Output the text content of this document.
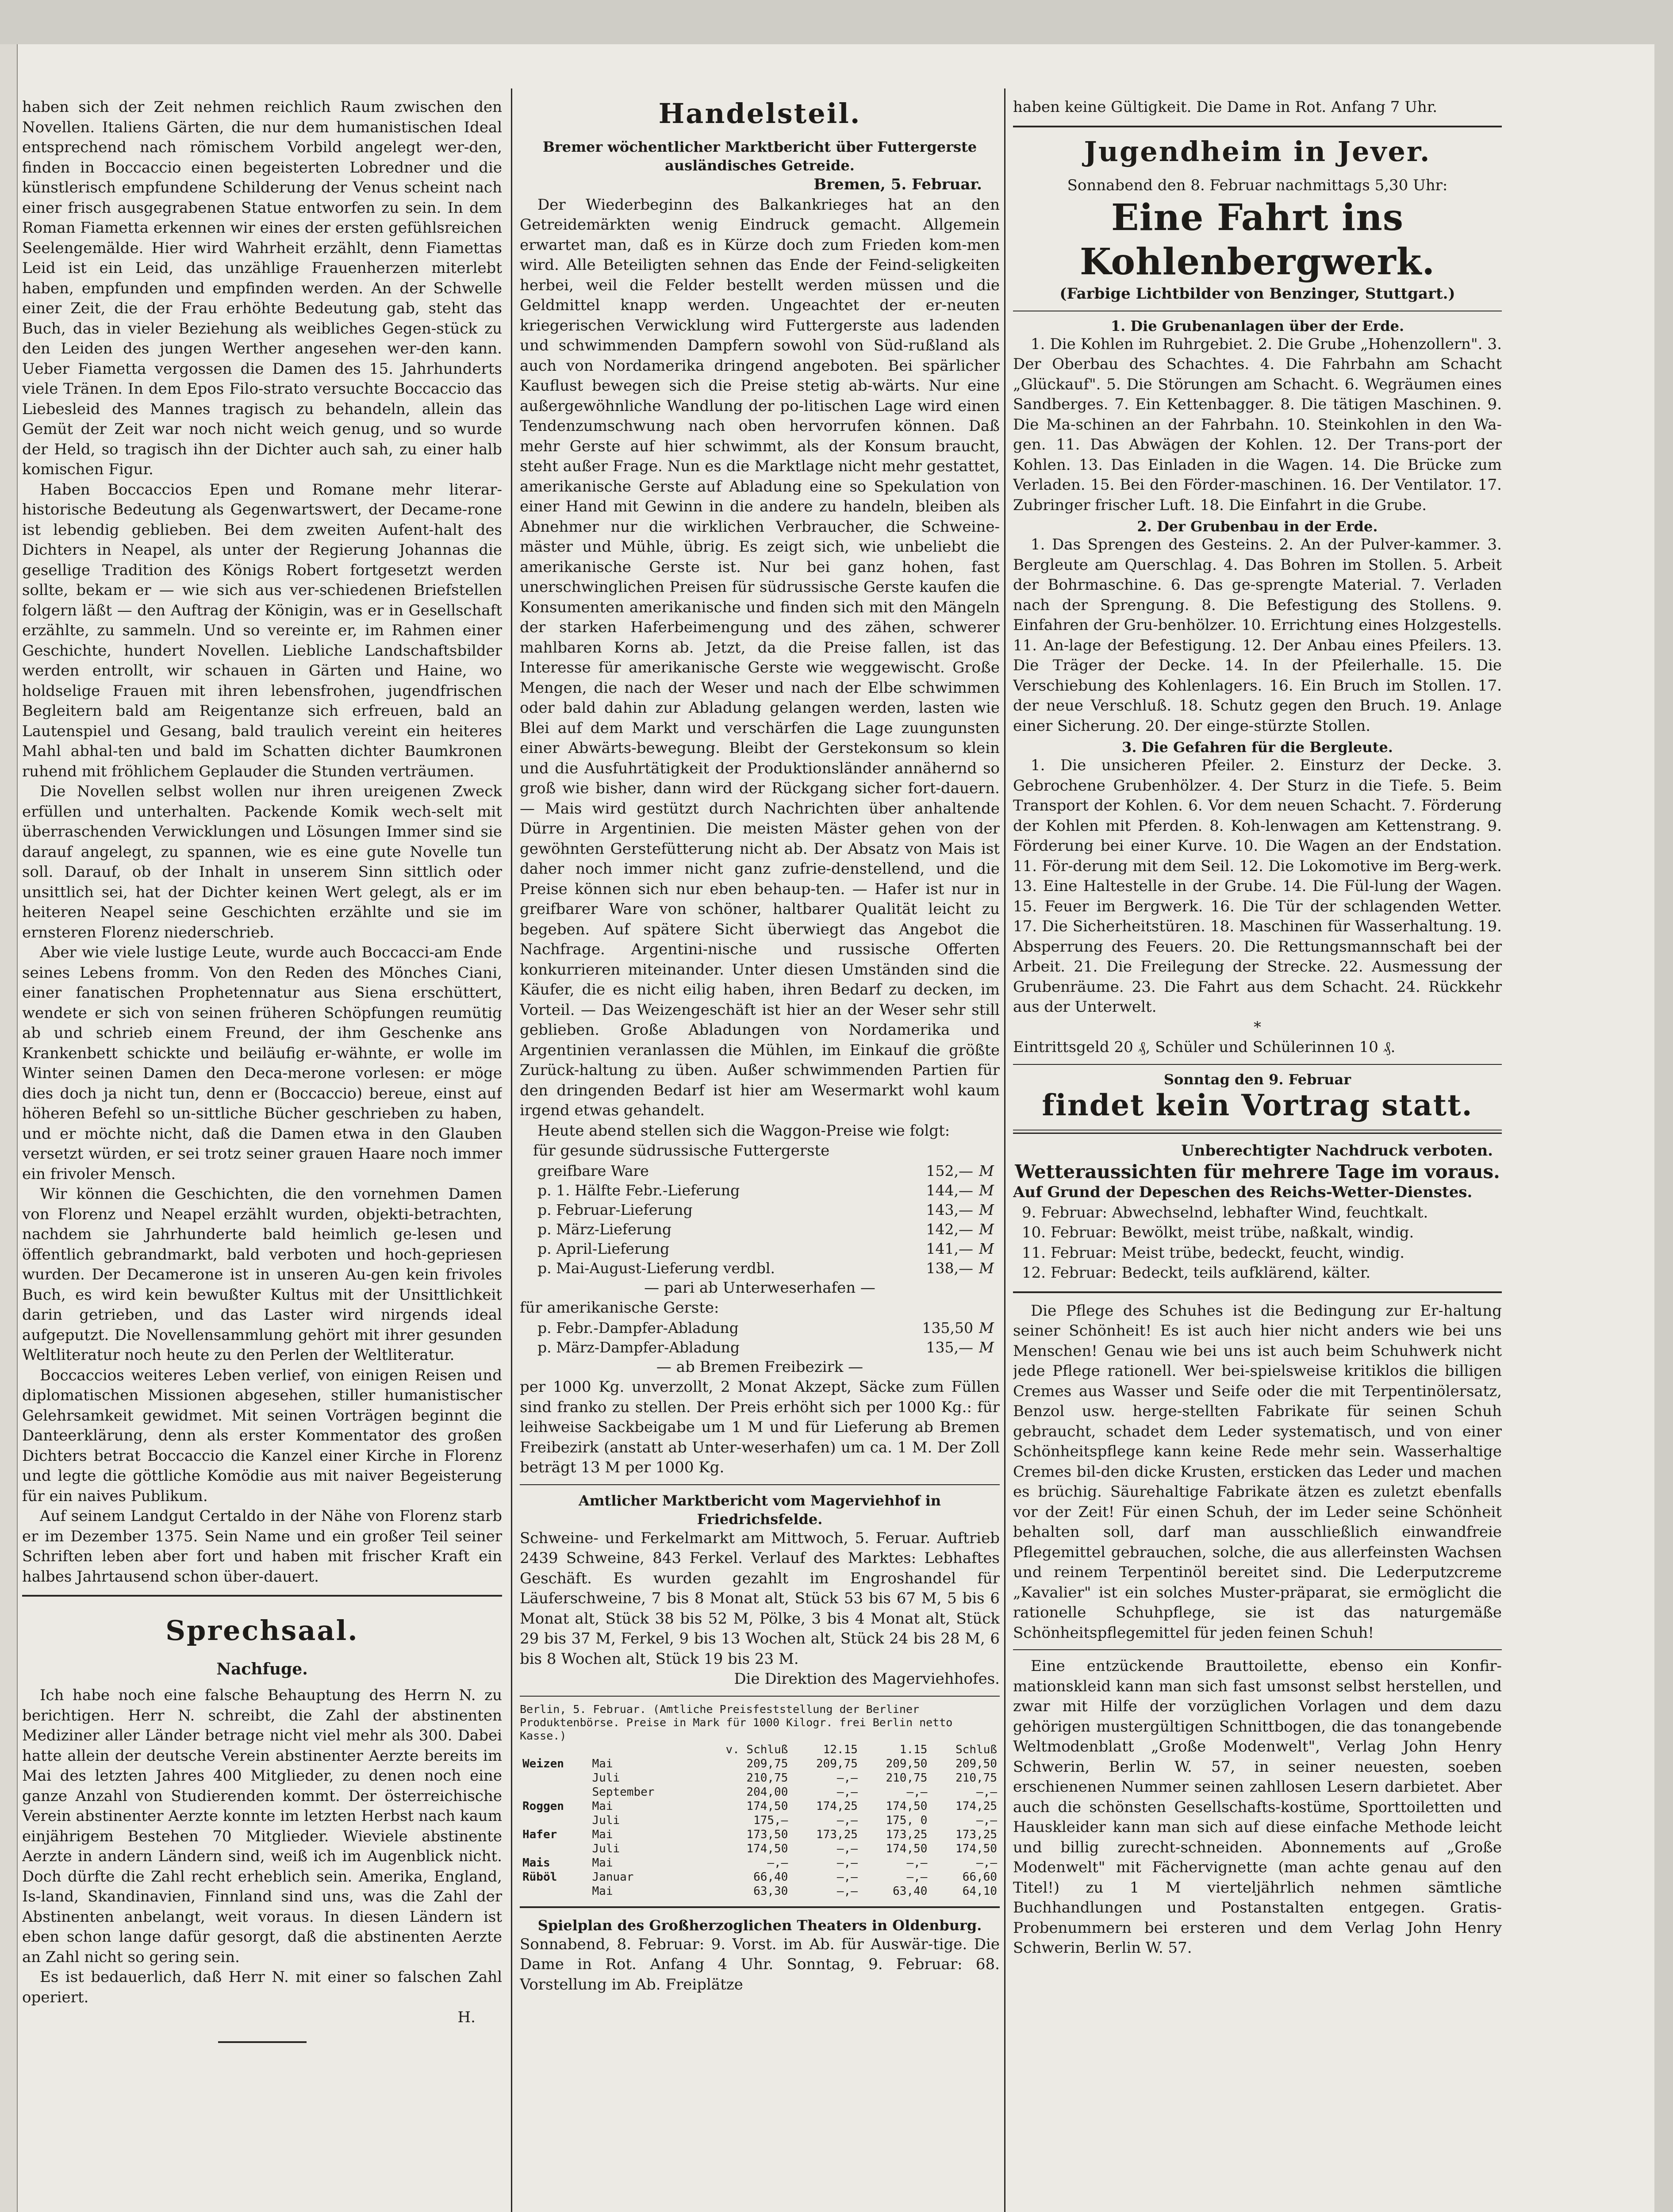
haben sich der Zeit nehmen reichlich Raum zwischen den Novellen. Italiens Gärten, die nur dem humanistischen Ideal entsprechend nach römischem Vorbild angelegt wer-den, finden in Boccaccio einen begeisterten Lobredner und die künstlerisch empfundene Schilderung der Venus scheint nach einer frisch ausgegrabenen Statue entworfen zu sein. In dem Roman Fiametta erkennen wir eines der ersten gefühlsreichen Seelengemälde. Hier wird Wahrheit erzählt, denn Fiamettas Leid ist ein Leid, das unzählige Frauenherzen miterlebt haben, empfunden und empfinden werden. An der Schwelle einer Zeit, die der Frau erhöhte Bedeutung gab, steht das Buch, das in vieler Beziehung als weibliches Gegen-stück zu den Leiden des jungen Werther angesehen wer-den kann. Ueber Fiametta vergossen die Damen des 15. Jahrhunderts viele Tränen. In dem Epos Filo-strato versuchte Boccaccio das Liebesleid des Mannes tragisch zu behandeln, allein das Gemüt der Zeit war noch nicht weich genug, und so wurde der Held, so tragisch ihn der Dichter auch sah, zu einer halb komischen Figur.

Haben Boccaccios Epen und Romane mehr literar-historische Bedeutung als Gegenwartswert, der Decame-rone ist lebendig geblieben. Bei dem zweiten Aufent-halt des Dichters in Neapel, als unter der Regierung Johannas die gesellige Tradition des Königs Robert fortgesetzt werden sollte, bekam er — wie sich aus ver-schiedenen Briefstellen folgern läßt — den Auftrag der Königin, was er in Gesellschaft erzählte, zu sammeln. Und so vereinte er, im Rahmen einer Geschichte, hundert Novellen. Liebliche Landschaftsbilder werden entrollt, wir schauen in Gärten und Haine, wo holdselige Frauen mit ihren lebensfrohen, jugendfrischen Begleitern bald am Reigentanze sich erfreuen, bald an Lautenspiel und Gesang, bald traulich vereint ein heiteres Mahl abhal-ten und bald im Schatten dichter Baumkronen ruhend mit fröhlichem Geplauder die Stunden verträumen.

Die Novellen selbst wollen nur ihren ureigenen Zweck erfüllen und unterhalten. Packende Komik wech-selt mit überraschenden Verwicklungen und Lösungen Immer sind sie darauf angelegt, zu spannen, wie es eine gute Novelle tun soll. Darauf, ob der Inhalt in unserem Sinn sittlich oder unsittlich sei, hat der Dichter keinen Wert gelegt, als er im heiteren Neapel seine Geschichten erzählte und sie im ernsteren Florenz niederschrieb.

Aber wie viele lustige Leute, wurde auch Boccacci-am Ende seines Lebens fromm. Von den Reden des Mönches Ciani, einer fanatischen Prophetennatur aus Siena erschüttert, wendete er sich von seinen früheren Schöpfungen reumütig ab und schrieb einem Freund, der ihm Geschenke ans Krankenbett schickte und beiläufig er-wähnte, er wolle im Winter seinen Damen den Deca-merone vorlesen: er möge dies doch ja nicht tun, denn er (Boccaccio) bereue, einst auf höheren Befehl so un-sittliche Bücher geschrieben zu haben, und er möchte nicht, daß die Damen etwa in den Glauben versetzt würden, er sei trotz seiner grauen Haare noch immer ein frivoler Mensch.

Wir können die Geschichten, die den vornehmen Damen von Florenz und Neapel erzählt wurden, objekti-betrachten, nachdem sie Jahrhunderte bald heimlich ge-lesen und öffentlich gebrandmarkt, bald verboten und hoch-gepriesen wurden. Der Decamerone ist in unseren Au-gen kein frivoles Buch, es wird kein bewußter Kultus mit der Unsittlichkeit darin getrieben, und das Laster wird nirgends ideal aufgeputzt. Die Novellensammlung gehört mit ihrer gesunden Weltliteratur noch heute zu den Perlen der Weltliteratur.

Boccaccios weiteres Leben verlief, von einigen Reisen und diplomatischen Missionen abgesehen, stiller humanistischer Gelehrsamkeit gewidmet. Mit seinen Vorträgen beginnt die Danteerklärung, denn als erster Kommentator des großen Dichters betrat Boccaccio die Kanzel einer Kirche in Florenz und legte die göttliche Komödie aus mit naiver Begeisterung für ein naives Publikum.

Auf seinem Landgut Certaldo in der Nähe von Florenz starb er im Dezember 1375. Sein Name und ein großer Teil seiner Schriften leben aber fort und haben mit frischer Kraft ein halbes Jahrtausend schon über-dauert.

Sprechsaal.
Nachfuge.

Ich habe noch eine falsche Behauptung des Herrn N. zu berichtigen. Herr N. schreibt, die Zahl der abstinenten Mediziner aller Länder betrage nicht viel mehr als 300. Dabei hatte allein der deutsche Verein abstinenter Aerzte bereits im Mai des letzten Jahres 400 Mitglieder, zu denen noch eine ganze Anzahl von Studierenden kommt. Der österreichische Verein abstinenter Aerzte konnte im letzten Herbst nach kaum einjährigem Bestehen 70 Mitglieder. Wieviele abstinente Aerzte in andern Ländern sind, weiß ich im Augenblick nicht. Doch dürfte die Zahl recht erheblich sein. Amerika, England, Is-land, Skandinavien, Finnland sind uns, was die Zahl der Abstinenten anbelangt, weit voraus. In diesen Ländern ist eben schon lange dafür gesorgt, daß die abstinenten Aerzte an Zahl nicht so gering sein.

Es ist bedauerlich, daß Herr N. mit einer so falschen Zahl operiert.

H.

Handelsteil.
Bremer wöchentlicher Marktbericht über Futtergerste ausländisches Getreide.

Bremen, 5. Februar.

Der Wiederbeginn des Balkankrieges hat an den Getreidemärkten wenig Eindruck gemacht. Allgemein erwartet man, daß es in Kürze doch zum Frieden kom-men wird. Alle Beteiligten sehnen das Ende der Feind-seligkeiten herbei, weil die Felder bestellt werden müssen und die Geldmittel knapp werden. Ungeachtet der er-neuten kriegerischen Verwicklung wird Futtergerste aus ladenden und schwimmenden Dampfern sowohl von Süd-rußland als auch von Nordamerika dringend angeboten. Bei spärlicher Kauflust bewegen sich die Preise stetig ab-wärts. Nur eine außergewöhnliche Wandlung der po-litischen Lage wird einen Tendenzumschwung nach oben hervorrufen können. Daß mehr Gerste auf hier schwimmt, als der Konsum braucht, steht außer Frage. Nun es die Marktlage nicht mehr gestattet, amerikanische Gerste auf Abladung eine so Spekulation von einer Hand mit Gewinn in die andere zu handeln, bleiben als Abnehmer nur die wirklichen Verbraucher, die Schweine-mäster und Mühle, übrig. Es zeigt sich, wie unbeliebt die amerikanische Gerste ist. Nur bei ganz hohen, fast unerschwinglichen Preisen für südrussische Gerste kaufen die Konsumenten amerikanische und finden sich mit den Mängeln der starken Haferbeimengung und des zähen, schwerer mahlbaren Korns ab. Jetzt, da die Preise fallen, ist das Interesse für amerikanische Gerste wie weggewischt. Große Mengen, die nach der Weser und nach der Elbe schwimmen oder bald dahin zur Abladung gelangen werden, lasten wie Blei auf dem Markt und verschärfen die Lage zuungunsten einer Abwärts-bewegung. Bleibt der Gerstekonsum so klein und die Ausfuhrtätigkeit der Produktionsländer annähernd so groß wie bisher, dann wird der Rückgang sicher fort-dauern. — Mais wird gestützt durch Nachrichten über anhaltende Dürre in Argentinien. Die meisten Mäster gehen von der gewöhnten Gerstefütterung nicht ab. Der Absatz von Mais ist daher noch immer nicht ganz zufrie-denstellend, und die Preise können sich nur eben behaup-ten. — Hafer ist nur in greifbarer Ware von schöner, haltbarer Qualität leicht zu begeben. Auf spätere Sicht überwiegt das Angebot die Nachfrage. Argentini-nische und russische Offerten konkurrieren miteinander. Unter diesen Umständen sind die Käufer, die es nicht eilig haben, ihren Bedarf zu decken, im Vorteil. — Das Weizengeschäft ist hier an der Weser sehr still geblieben. Große Abladungen von Nordamerika und Argentinien veranlassen die Mühlen, im Einkauf die größte Zurück-haltung zu üben. Außer schwimmenden Partien für den dringenden Bedarf ist hier am Wesermarkt wohl kaum irgend etwas gehandelt.

Heute abend stellen sich die Waggon-Preise wie folgt:

für gesunde südrussische Futtergerste

greifbare Ware	152,— M
p. 1. Hälfte Febr.-Lieferung	144,— M
p. Februar-Lieferung	143,— M
p. März-Lieferung	142,— M
p. April-Lieferung	141,— M
p. Mai-August-Lieferung verdbl.	138,— M

— pari ab Unterweserhafen —

für amerikanische Gerste:

p. Febr.-Dampfer-Abladung	135,50 M
p. März-Dampfer-Abladung	135,— M

— ab Bremen Freibezirk —

per 1000 Kg. unverzollt, 2 Monat Akzept, Säcke zum Füllen sind franko zu stellen. Der Preis erhöht sich per 1000 Kg.: für leihweise Sackbeigabe um 1 M und für Lieferung ab Bremen Freibezirk (anstatt ab Unter-weserhafen) um ca. 1 M. Der Zoll beträgt 13 M per 1000 Kg.

Amtlicher Marktbericht vom Magerviehhof in Friedrichsfelde.

Schweine- und Ferkelmarkt am Mittwoch, 5. Feruar. Auftrieb 2439 Schweine, 843 Ferkel. Verlauf des Marktes: Lebhaftes Geschäft. Es wurden gezahlt im Engroshandel für Läuferschweine, 7 bis 8 Monat alt, Stück 53 bis 67 M, 5 bis 6 Monat alt, Stück 38 bis 52 M, Pölke, 3 bis 4 Monat alt, Stück 29 bis 37 M, Ferkel, 9 bis 13 Wochen alt, Stück 24 bis 28 M, 6 bis 8 Wochen alt, Stück 19 bis 23 M.

Die Direktion des Magerviehhofes.

Berlin, 5. Februar. (Amtliche Preisfeststellung der Berliner Produktenbörse. Preise in Mark für 1000 Kilogr. frei Berlin netto Kasse.)

		v. Schluß	12.15	1.15	Schluß
Weizen	Mai	209,75	209,75	209,50	209,50
	Juli	210,75	—,—	210,75	210,75
	September	204,00	—,—	—,—	—,—
Roggen	Mai	174,50	174,25	174,50	174,25
	Juli	175,—	—,—	175, 0	—,—
Hafer	Mai	173,50	173,25	173,25	173,25
	Juli	174,50	—,—	174,50	174,50
Mais	Mai	—,—	—,—	—,—	—,—
Rüböl	Januar	66,40	—,—	—,—	66,60
	Mai	63,30	—,—	63,40	64,10
Spielplan des Großherzoglichen Theaters in Oldenburg.

Sonnabend, 8. Februar: 9. Vorst. im Ab. für Auswär-tige. Die Dame in Rot. Anfang 4 Uhr. Sonntag, 9. Februar: 68. Vorstellung im Ab. Freiplätze

haben keine Gültigkeit. Die Dame in Rot. Anfang 7 Uhr.

Jugendheim in Jever.

Sonnabend den 8. Februar nachmittags 5,30 Uhr:

Eine Fahrt ins Kohlenbergwerk.

(Farbige Lichtbilder von Benzinger, Stuttgart.)

1. Die Grubenanlagen über der Erde.

1. Die Kohlen im Ruhrgebiet. 2. Die Grube „Hohenzollern". 3. Der Oberbau des Schachtes. 4. Die Fahrbahn am Schacht „Glückauf". 5. Die Störungen am Schacht. 6. Wegräumen eines Sandberges. 7. Ein Kettenbagger. 8. Die tätigen Maschinen. 9. Die Ma-schinen an der Fahrbahn. 10. Steinkohlen in den Wa-gen. 11. Das Abwägen der Kohlen. 12. Der Trans-port der Kohlen. 13. Das Einladen in die Wagen. 14. Die Brücke zum Verladen. 15. Bei den Förder-maschinen. 16. Der Ventilator. 17. Zubringer frischer Luft. 18. Die Einfahrt in die Grube.

2. Der Grubenbau in der Erde.

1. Das Sprengen des Gesteins. 2. An der Pulver-kammer. 3. Bergleute am Querschlag. 4. Das Bohren im Stollen. 5. Arbeit der Bohrmaschine. 6. Das ge-sprengte Material. 7. Verladen nach der Sprengung. 8. Die Befestigung des Stollens. 9. Einfahren der Gru-benhölzer. 10. Errichtung eines Holzgestells. 11. An-lage der Befestigung. 12. Der Anbau eines Pfeilers. 13. Die Träger der Decke. 14. In der Pfeilerhalle. 15. Die Verschiebung des Kohlenlagers. 16. Ein Bruch im Stollen. 17. der neue Verschluß. 18. Schutz gegen den Bruch. 19. Anlage einer Sicherung. 20. Der einge-stürzte Stollen.

3. Die Gefahren für die Bergleute.

1. Die unsicheren Pfeiler. 2. Einsturz der Decke. 3. Gebrochene Grubenhölzer. 4. Der Sturz in die Tiefe. 5. Beim Transport der Kohlen. 6. Vor dem neuen Schacht. 7. Förderung der Kohlen mit Pferden. 8. Koh-lenwagen am Kettenstrang. 9. Förderung bei einer Kurve. 10. Die Wagen an der Endstation. 11. För-derung mit dem Seil. 12. Die Lokomotive im Berg-werk. 13. Eine Haltestelle in der Grube. 14. Die Fül-lung der Wagen. 15. Feuer im Bergwerk. 16. Die Tür der schlagenden Wetter. 17. Die Sicherheitstüren. 18. Maschinen für Wasserhaltung. 19. Absperrung des Feuers. 20. Die Rettungsmannschaft bei der Arbeit. 21. Die Freilegung der Strecke. 22. Ausmessung der Grubenräume. 23. Die Fahrt aus dem Schacht. 24. Rückkehr aus der Unterwelt.

*

Eintrittsgeld 20 ₰, Schüler und Schülerinnen 10 ₰.

Sonntag den 9. Februar
findet kein Vortrag statt.

Unberechtigter Nachdruck verboten.

Wetteraussichten für mehrere Tage im voraus.

Auf Grund der Depeschen des Reichs-Wetter-Dienstes.

9. Februar: Abwechselnd, lebhafter Wind, feuchtkalt.

10. Februar: Bewölkt, meist trübe, naßkalt, windig.

11. Februar: Meist trübe, bedeckt, feucht, windig.

12. Februar: Bedeckt, teils aufklärend, kälter.

Die Pflege des Schuhes ist die Bedingung zur Er-haltung seiner Schönheit! Es ist auch hier nicht anders wie bei uns Menschen! Genau wie bei uns ist auch beim Schuhwerk nicht jede Pflege rationell. Wer bei-spielsweise kritiklos die billigen Cremes aus Wasser und Seife oder die mit Terpentinölersatz, Benzol usw. herge-stellten Fabrikate für seinen Schuh gebraucht, schadet dem Leder systematisch, und von einer Schönheitspflege kann keine Rede mehr sein. Wasserhaltige Cremes bil-den dicke Krusten, ersticken das Leder und machen es brüchig. Säurehaltige Fabrikate ätzen es zuletzt ebenfalls vor der Zeit! Für einen Schuh, der im Leder seine Schönheit behalten soll, darf man ausschließlich einwandfreie Pflegemittel gebrauchen, solche, die aus allerfeinsten Wachsen und reinem Terpentinöl bereitet sind. Die Lederputzcreme „Kavalier" ist ein solches Muster-präparat, sie ermöglicht die rationelle Schuhpflege, sie ist das naturgemäße Schönheitspflegemittel für jeden feinen Schuh!

Eine entzückende Brauttoilette, ebenso ein Konfir-mationskleid kann man sich fast umsonst selbst herstellen, und zwar mit Hilfe der vorzüglichen Vorlagen und dem dazu gehörigen mustergültigen Schnittbogen, die das tonangebende Weltmodenblatt „Große Modenwelt", Verlag John Henry Schwerin, Berlin W. 57, in seiner neuesten, soeben erschienenen Nummer seinen zahllosen Lesern darbietet. Aber auch die schönsten Gesellschafts-kostüme, Sporttoiletten und Hauskleider kann man sich auf diese einfache Methode leicht und billig zurecht-schneiden. Abonnements auf „Große Modenwelt" mit Fächervignette (man achte genau auf den Titel!) zu 1 M vierteljährlich nehmen sämtliche Buchhandlungen und Postanstalten entgegen. Gratis-Probenummern bei ersteren und dem Verlag John Henry Schwerin, Berlin W. 57.
